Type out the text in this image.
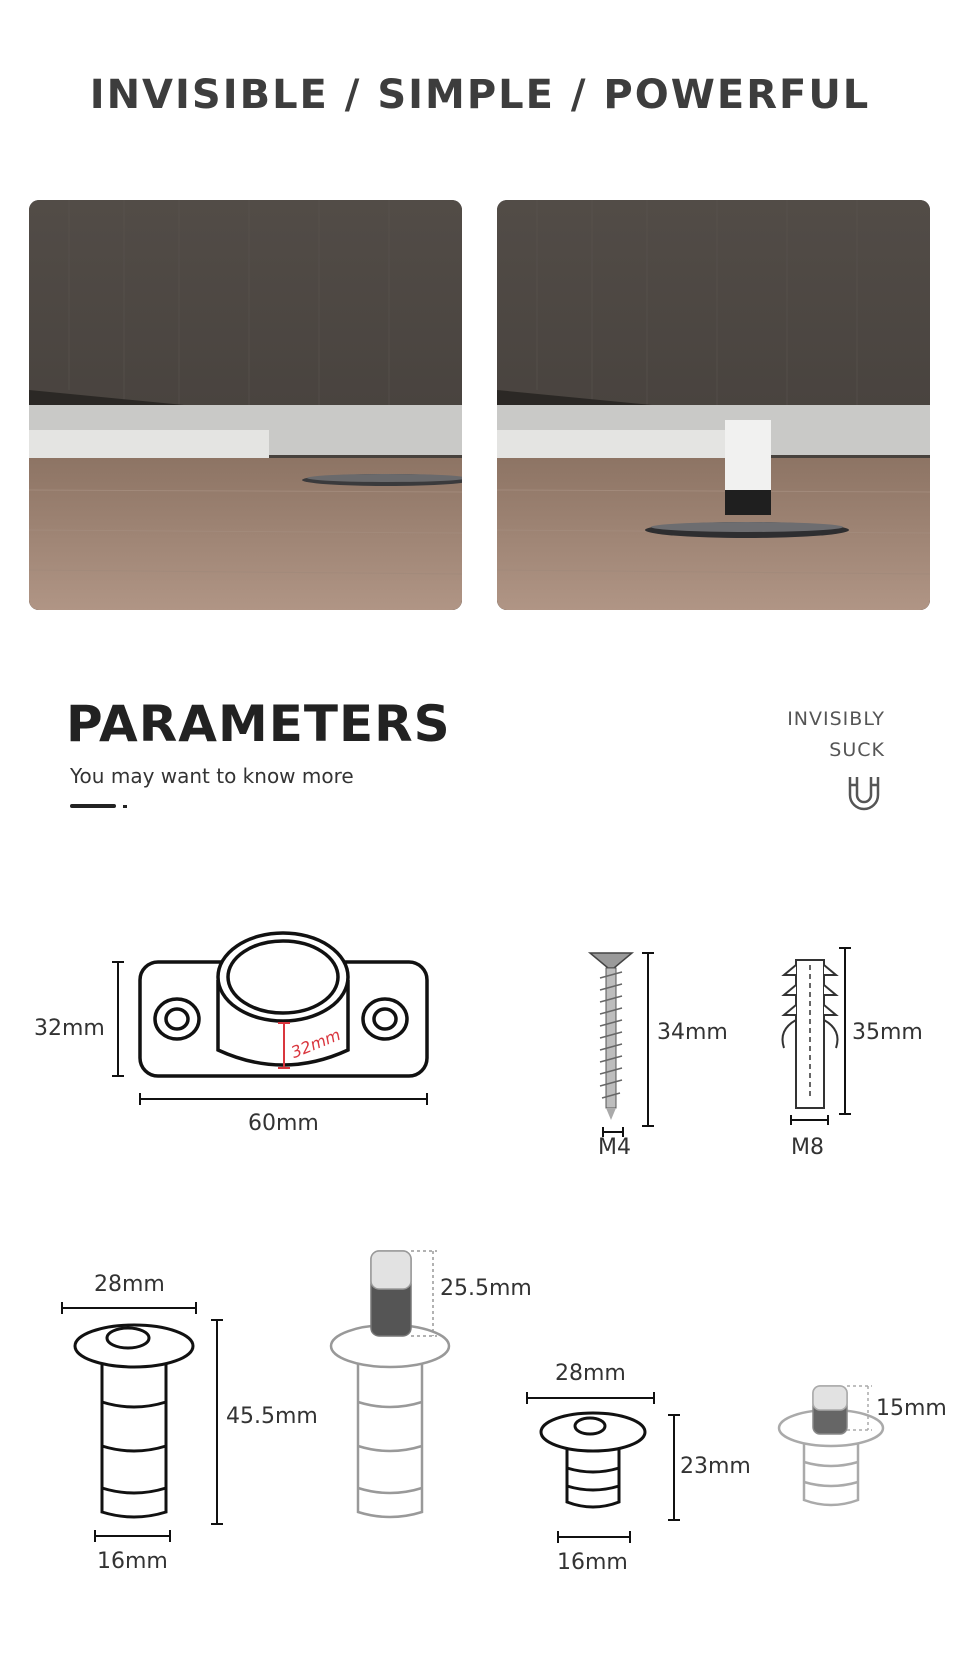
INVISIBLE / SIMPLE / POWERFUL
PARAMETERS
You may want to know more
INVISIBLY
SUCK
32mm	32mm
60mm
34mm
M4
35mm
M8
28mm
45.5mm
16mm
25.5mm
28mm
23mm
16mm
15mm
